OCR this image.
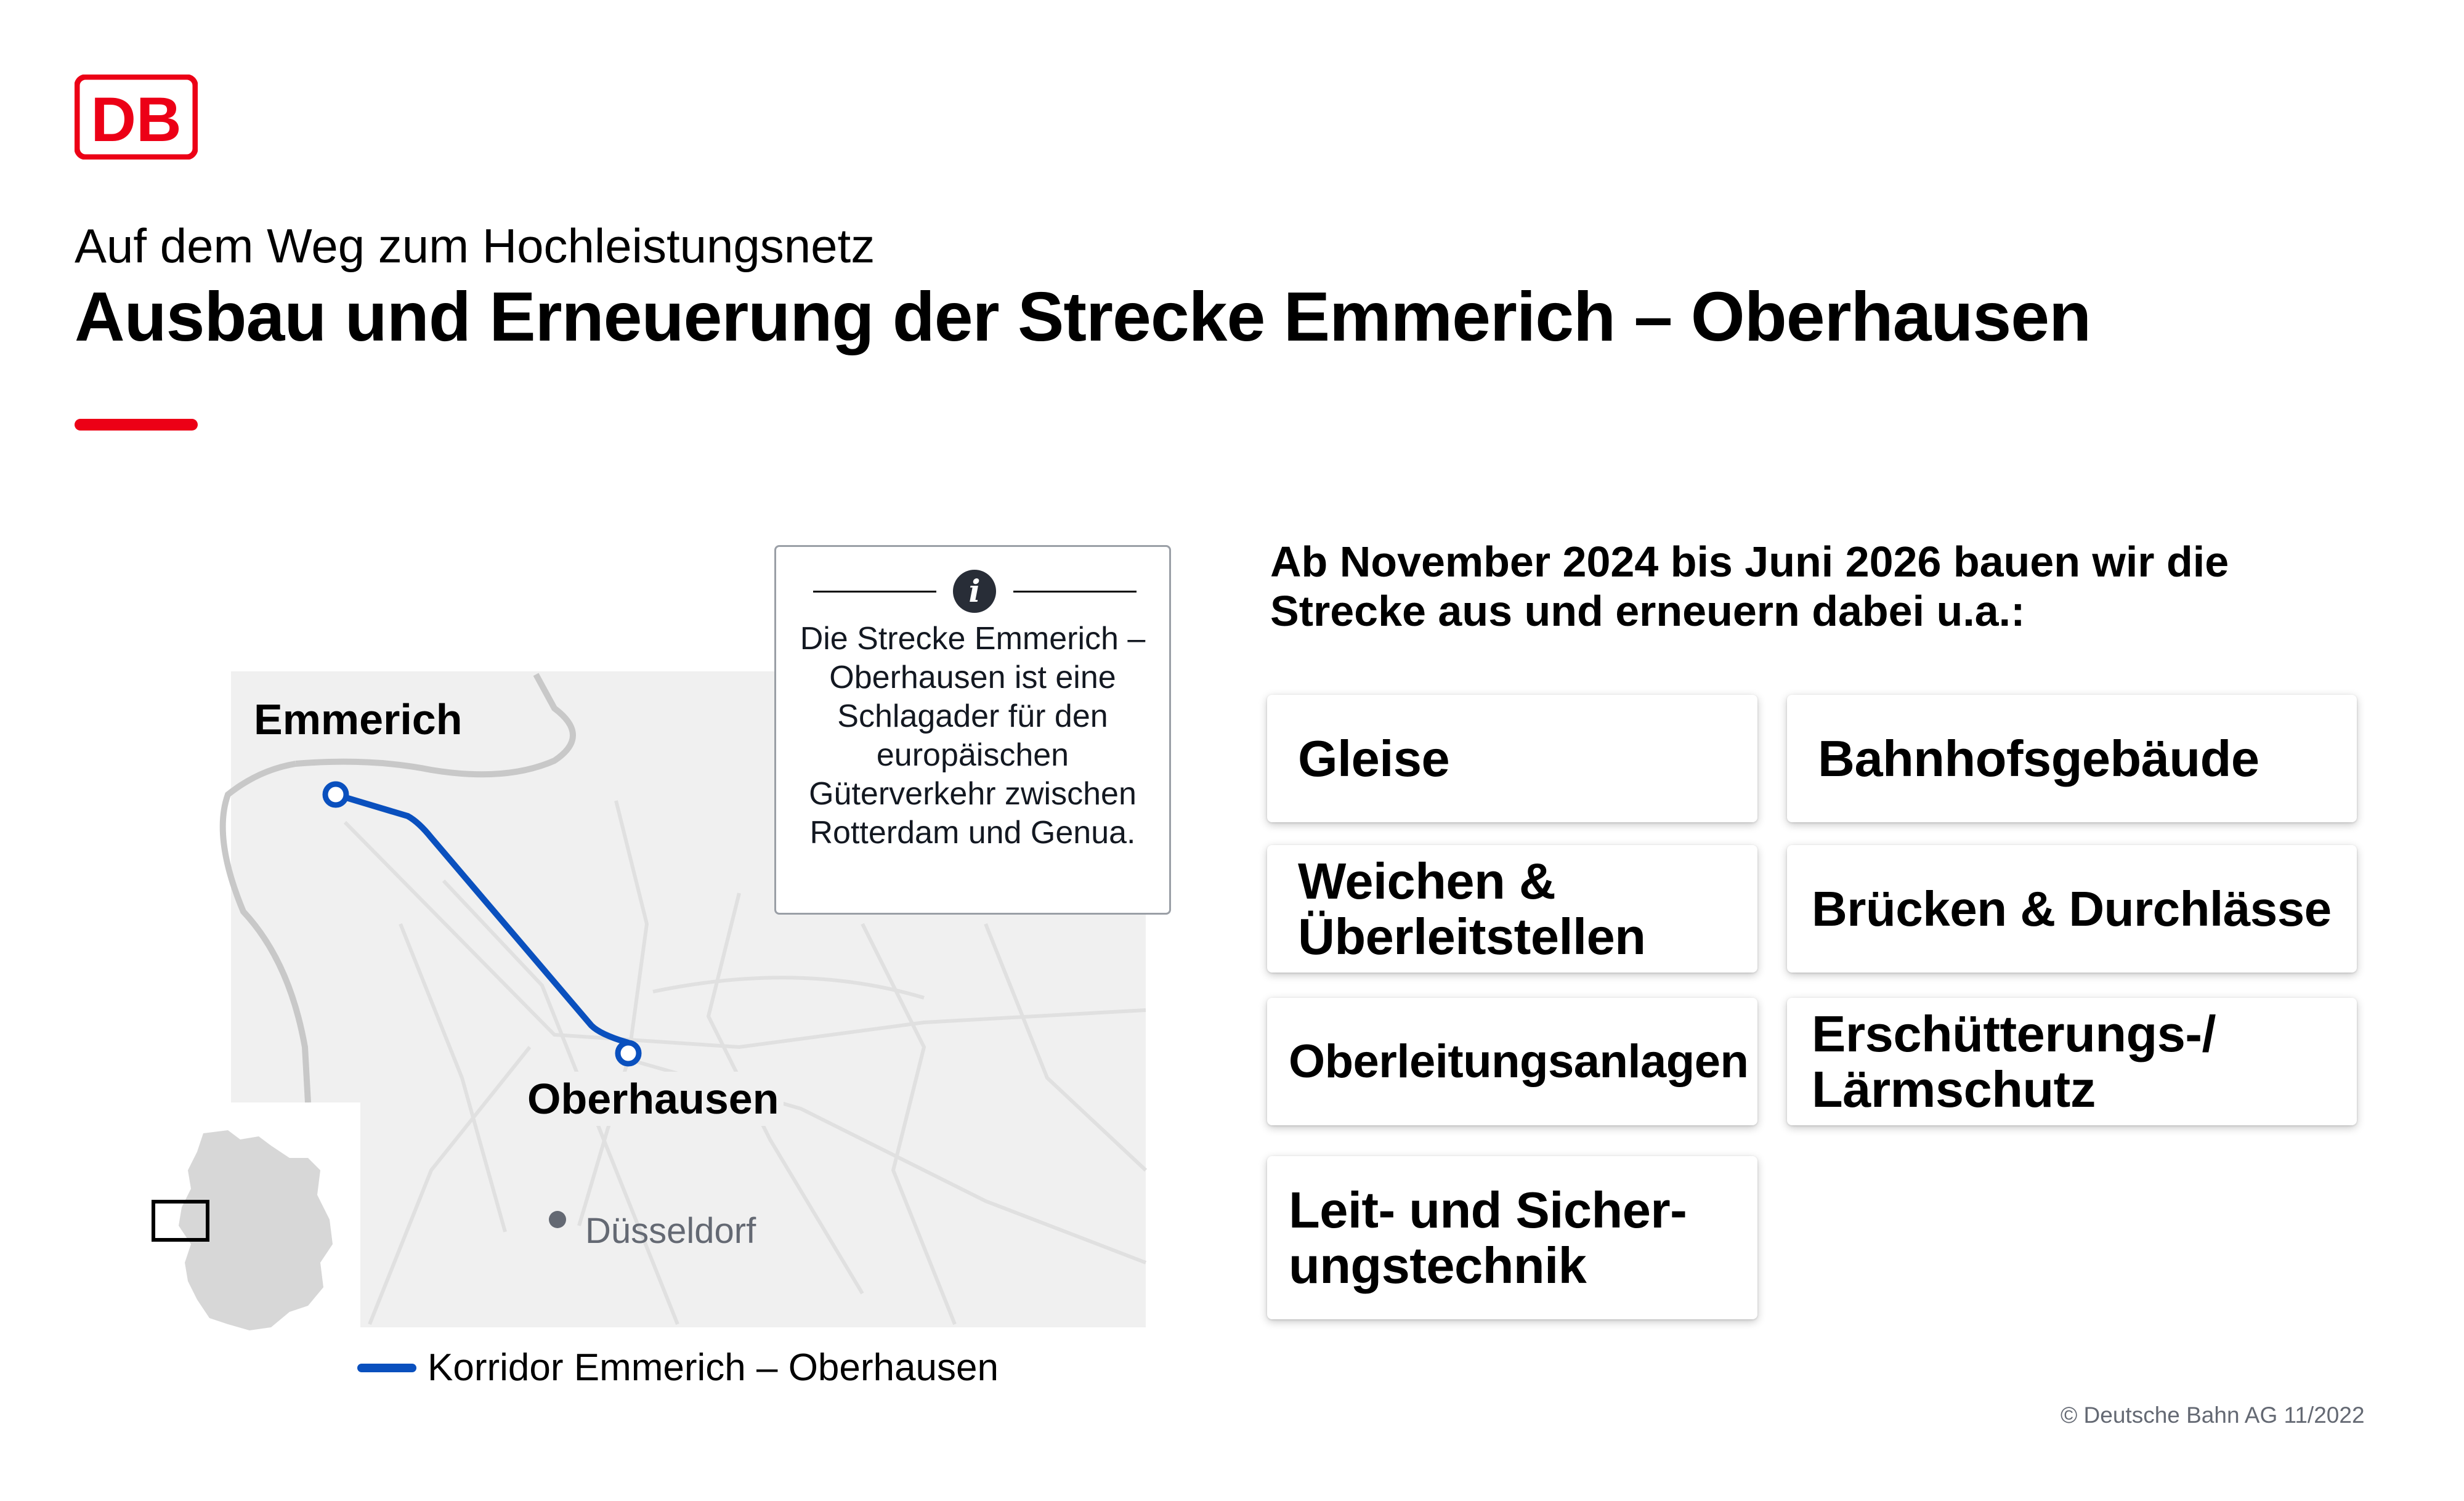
DB
Auf dem Weg zum Hochleistungsnetz
Ausbau und Erneuerung der Strecke Emmerich – Oberhausen
Emmerich
Oberhausen
Düsseldorf
i
Die Strecke Emmerich – Oberhausen ist eine Schlagader für den europäischen Güterverkehr zwischen Rotterdam und Genua.
Korridor Emmerich – Oberhausen
Ab November 2024 bis Juni 2026 bauen wir die Strecke aus und erneuern dabei u.a.:
Gleise	Bahnhofsgebäude
Weichen &
Überleitstellen	Brücken & Durchlässe
Oberleitungsanlagen Erschütterungs-/
Lärmschutz
Leit- und Sicher-
ungstechnik
© Deutsche Bahn AG 11/2022
